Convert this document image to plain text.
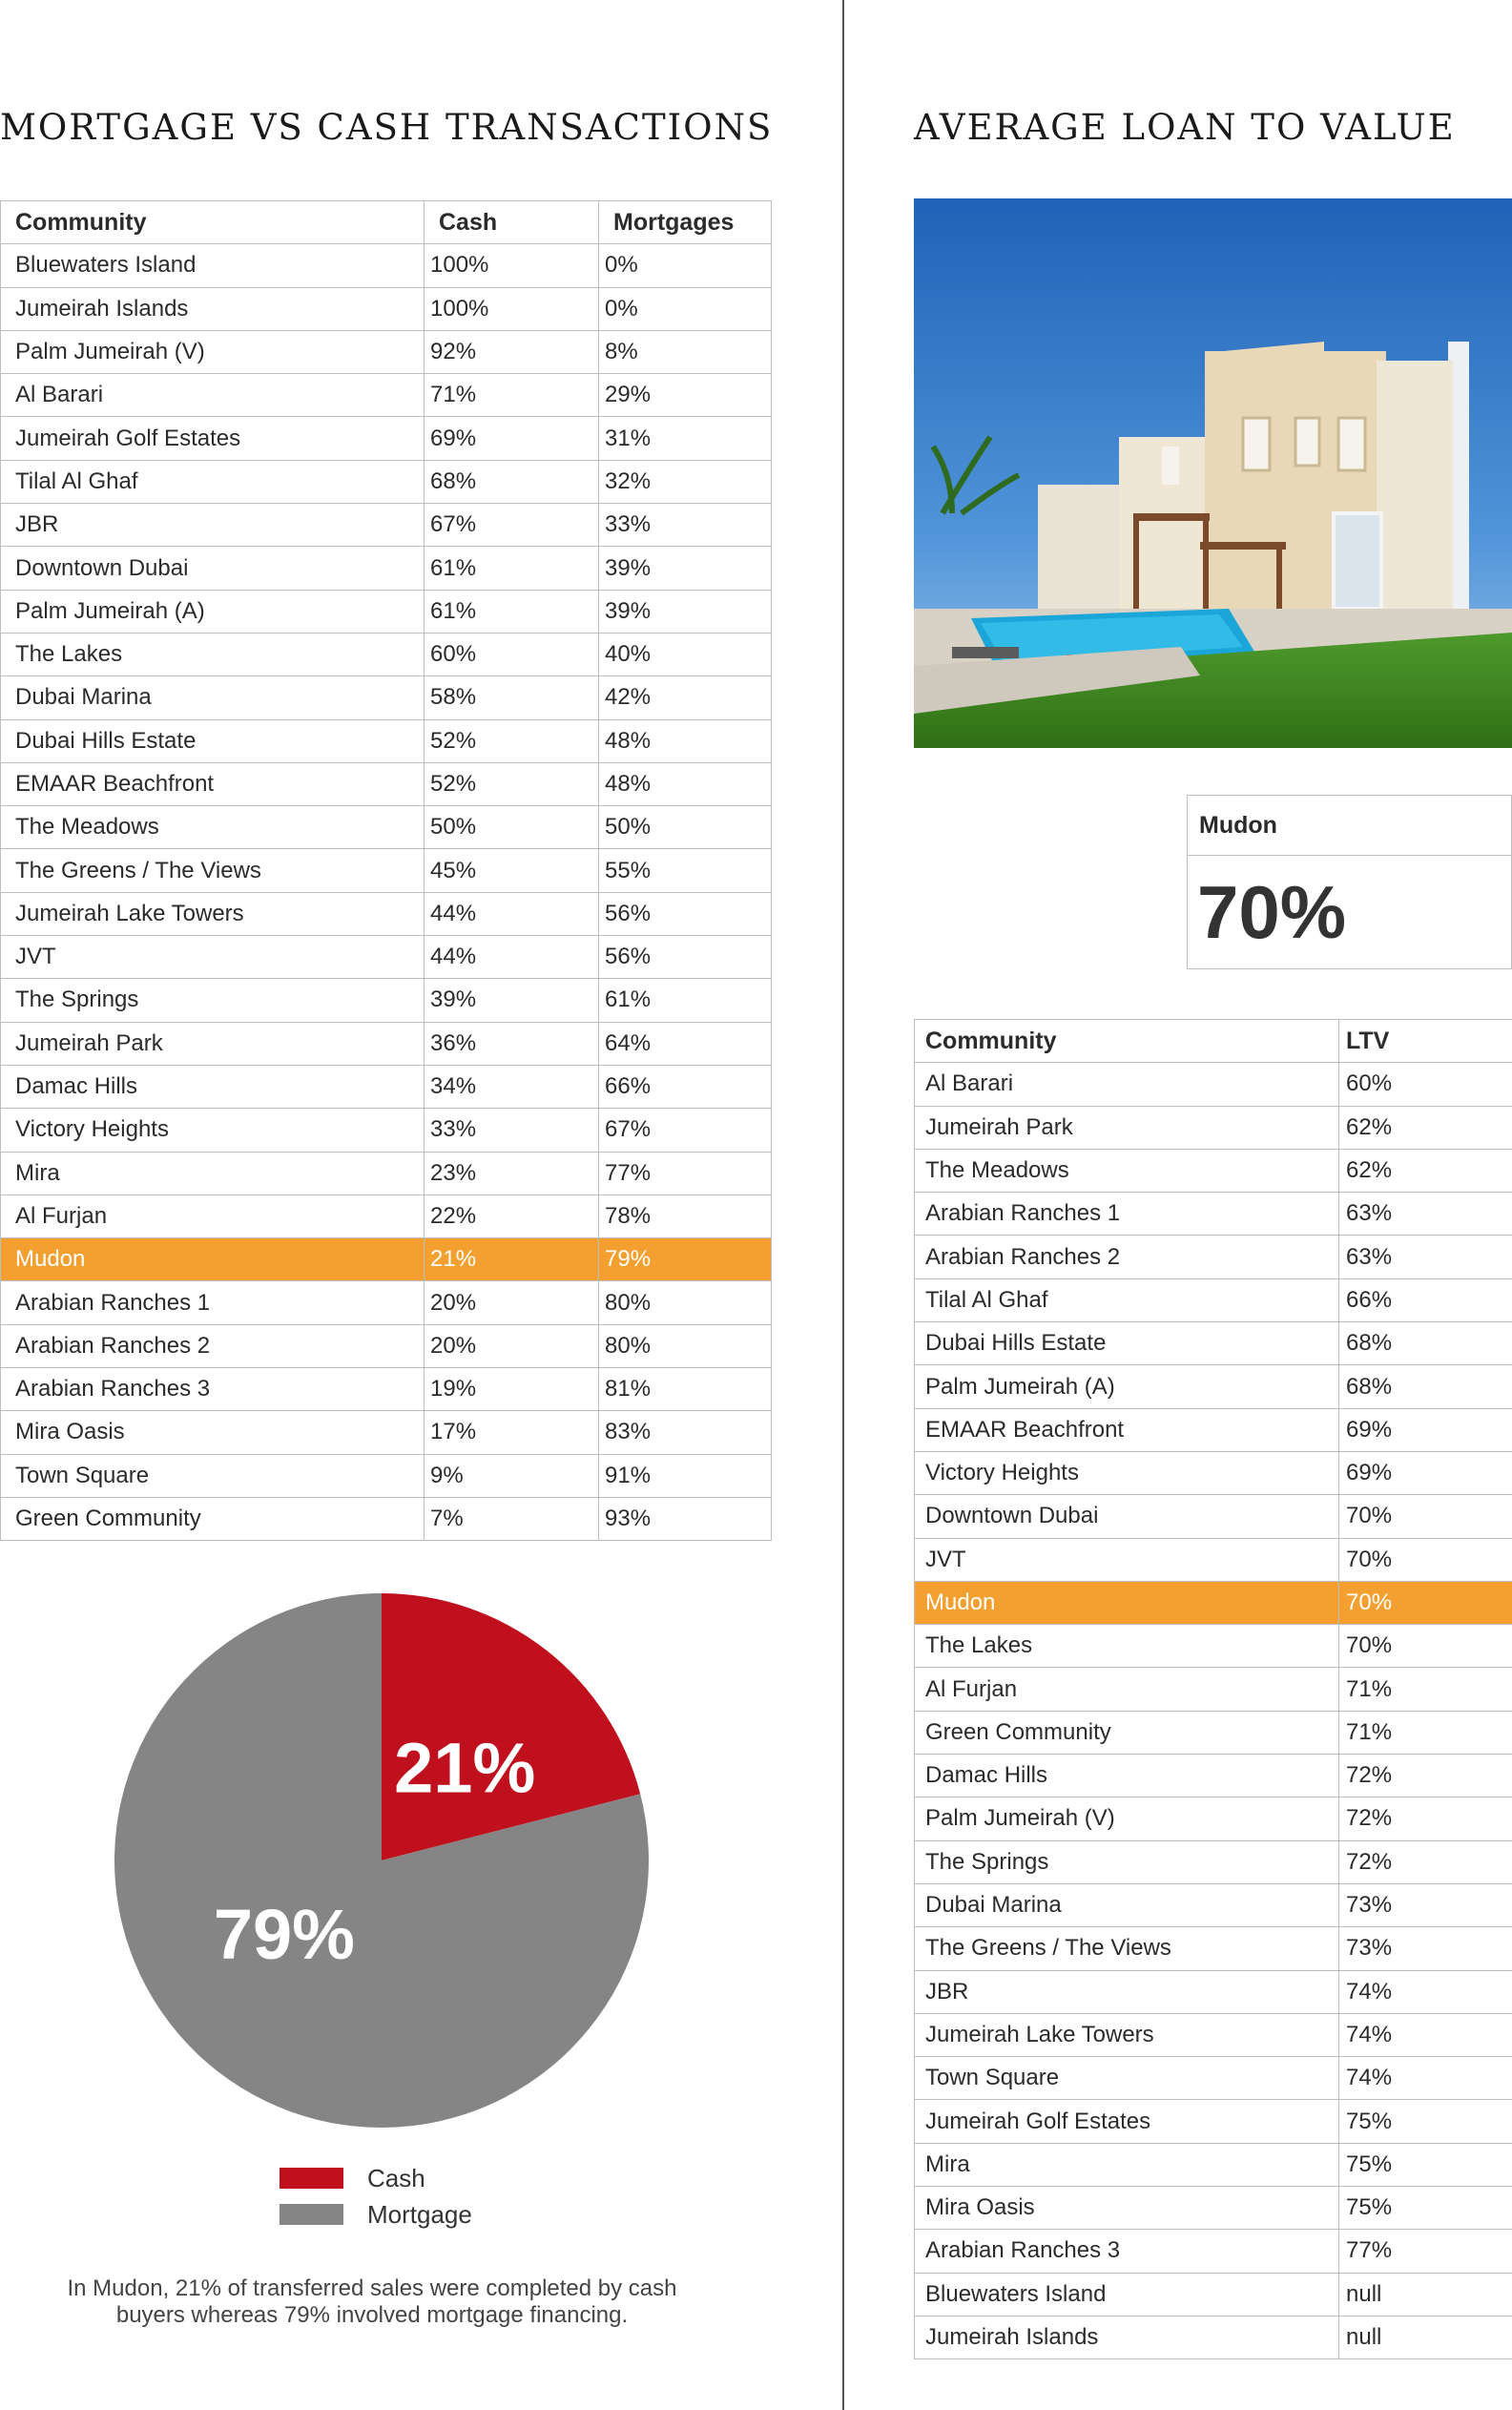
MORTGAGE VS CASH TRANSACTIONS	AVERAGE LOAN TO VALUE
Community	Cash	Mortgages
Bluewaters Island	100%	0%
Jumeirah Islands	100%	0%
Palm Jumeirah (V)	92%	8%
Al Barari	71%	29%
Jumeirah Golf Estates	69%	31%
Tilal Al Ghaf	68%	32%
JBR	67%	33%
Downtown Dubai	61%	39%
Palm Jumeirah (A)	61%	39%
The Lakes	60%	40%
Dubai Marina	58%	42%
Dubai Hills Estate	52%	48%
EMAAR Beachfront	52%	48%
The Meadows	50%	50%
The Greens / The Views	45%	55%
Jumeirah Lake Towers	44%	56%
JVT	44%	56%
The Springs	39%	61%
Jumeirah Park	36%	64%
Damac Hills	34%	66%
Victory Heights	33%	67%
Mira	23%	77%
Al Furjan	22%	78%
Mudon	21%	79%
Arabian Ranches 1	20%	80%
Arabian Ranches 2	20%	80%
Arabian Ranches 3	19%	81%
Mira Oasis	17%	83%
Town Square	9%	91%
Green Community	7%	93%
Mudon
70%
Community	LTV
Al Barari	60%
Jumeirah Park	62%
The Meadows	62%
Arabian Ranches 1	63%
Arabian Ranches 2	63%
Tilal Al Ghaf	66%
Dubai Hills Estate	68%
Palm Jumeirah (A)	68%
EMAAR Beachfront	69%
Victory Heights	69%
Downtown Dubai	70%
JVT	70%
Mudon	70%
The Lakes	70%
Al Furjan	71%
Green Community	71%
Damac Hills	72%
Palm Jumeirah (V)	72%
The Springs	72%
Dubai Marina	73%
The Greens / The Views	73%
JBR	74%
Jumeirah Lake Towers	74%
Town Square	74%
Jumeirah Golf Estates	75%
Mira	75%
Mira Oasis	75%
Arabian Ranches 3	77%
Bluewaters Island	null
Jumeirah Islands	null
21%
79%
Cash
Mortgage

In Mudon, 21% of transferred sales were completed by cash buyers whereas 79% involved mortgage financing.
